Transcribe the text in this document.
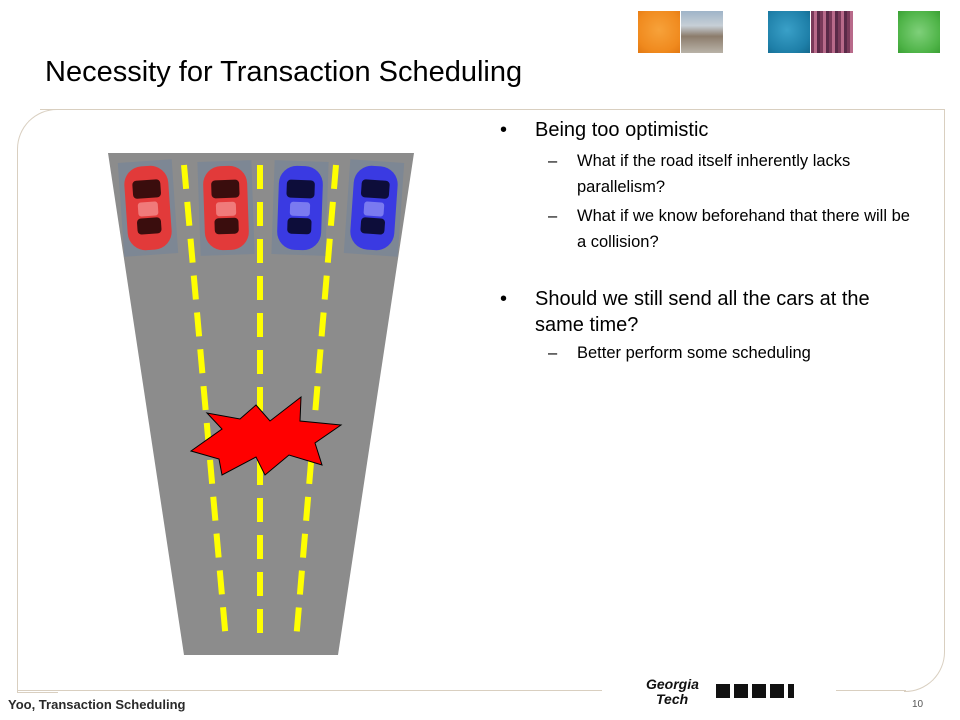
Necessity for Transaction Scheduling
• Being too optimistic
– What if the road itself inherently lacks parallelism?
– What if we know beforehand that there will be a collision?
• Should we still send all the cars at the same time?
– Better perform some scheduling
Yoo, Transaction Scheduling
Georgia
Tech	10
